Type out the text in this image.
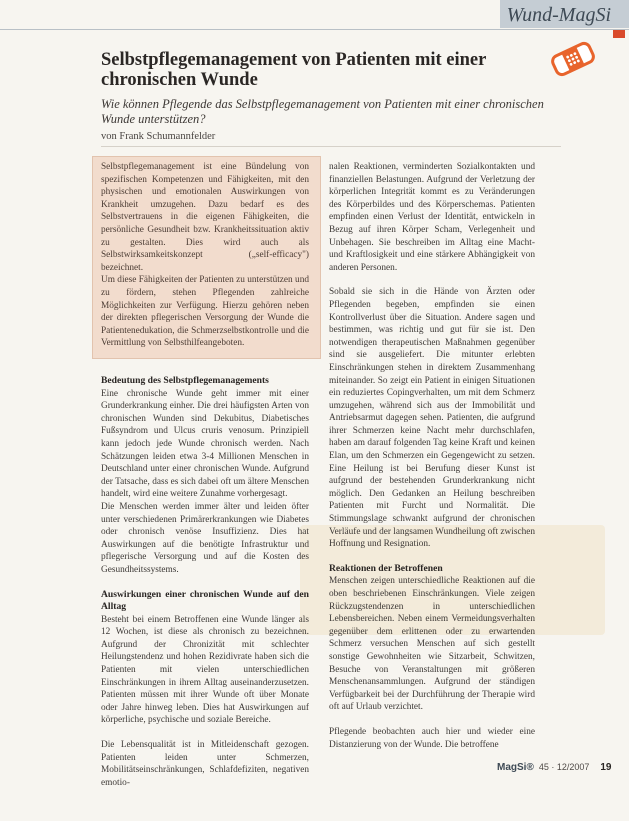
Wund-MagSi
Selbstpflegemanagement von Patienten mit einer chronischen Wunde

Wie können Pflegende das Selbstpflegemanagement von Patienten mit einer chronischen Wunde unterstützen?

von Frank Schumannfelder

Selbstpflegemanagement ist eine Bündelung von spezifischen Kompetenzen und Fähigkeiten, mit den physischen und emotionalen Auswirkungen von Krankheit umzugehen. Dazu bedarf es des Selbstvertrauens in die eigenen Fähigkeiten, die persönliche Gesundheit bzw. Krankheitssituation aktiv zu gestalten. Dies wird auch als Selbstwirksamkeitskonzept („self-efficacy") bezeichnet.

Um diese Fähigkeiten der Patienten zu unterstützen und zu fördern, stehen Pflegenden zahlreiche Möglichkeiten zur Verfügung. Hierzu gehören neben der direkten pflegerischen Versorgung der Wunde die Patientenedukation, die Schmerzselbstkontrolle und die Vermittlung von Selbsthilfeangeboten.

Bedeutung des Selbstpflegemanagements

Eine chronische Wunde geht immer mit einer Grunderkrankung einher. Die drei häufigsten Arten von chronischen Wunden sind Dekubitus, Diabetisches Fußsyndrom und Ulcus cruris venosum. Prinzipiell kann jedoch jede Wunde chronisch werden. Nach Schätzungen leiden etwa 3-4 Millionen Menschen in Deutschland unter einer chronischen Wunde. Aufgrund der Tatsache, dass es sich dabei oft um ältere Menschen handelt, wird eine weitere Zunahme vorhergesagt.

Die Menschen werden immer älter und leiden öfter unter verschiedenen Primärerkrankungen wie Diabetes oder chronisch venöse Insuffizienz. Dies hat Auswirkungen auf die benötigte Infrastruktur und pflegerische Versorgung und auf die Kosten des Gesundheitssystems.

Auswirkungen einer chronischen Wunde auf den Alltag

Besteht bei einem Betroffenen eine Wunde länger als 12 Wochen, ist diese als chronisch zu bezeichnen. Aufgrund der Chronizität mit schlechter Heilungstendenz und hohen Rezidivrate haben sich die Patienten mit vielen unterschiedlichen Einschränkungen in ihrem Alltag auseinanderzusetzen. Patienten müssen mit ihrer Wunde oft über Monate oder Jahre hinweg leben. Dies hat Auswirkungen auf körperliche, psychische und soziale Bereiche.

Die Lebensqualität ist in Mitleidenschaft gezogen. Patienten leiden unter Schmerzen, Mobilitätseinschränkungen, Schlafdefiziten, negativen emotio-

nalen Reaktionen, verminderten Sozialkontakten und finanziellen Belastungen. Aufgrund der Verletzung der körperlichen Integrität kommt es zu Veränderungen des Körperbildes und des Körperschemas. Patienten empfinden einen Verlust der Identität, entwickeln in Bezug auf ihren Körper Scham, Verlegenheit und Unbehagen. Sie beschreiben im Alltag eine Macht- und Kraftlosigkeit und eine stärkere Abhängigkeit von anderen Personen.

Sobald sie sich in die Hände von Ärzten oder Pflegenden begeben, empfinden sie einen Kontrollverlust über die Situation. Andere sagen und bestimmen, was richtig und gut für sie ist. Den notwendigen therapeutischen Maßnahmen gegenüber sind sie ausgeliefert. Die mitunter erlebten Einschränkungen stehen in direktem Zusammenhang miteinander. So zeigt ein Patient in einigen Situationen ein reduziertes Copingverhalten, um mit dem Schmerz umzugehen, während sich aus der Immobilität und Antriebsarmut dagegen sehen. Patienten, die aufgrund ihrer Schmerzen keine Nacht mehr durchschlafen, haben am darauf folgenden Tag keine Kraft und keinen Elan, um den Schmerzen ein Gegengewicht zu setzen. Eine Heilung ist bei Berufung dieser Kunst ist aufgrund der bestehenden Grunderkrankung nicht möglich. Den Gedanken an Heilung beschreiben Patienten mit Furcht und Normalität. Die Stimmungslage schwankt aufgrund der chronischen Verläufe und der langsamen Wundheilung oft zwischen Hoffnung und Resignation.

Reaktionen der Betroffenen

Menschen zeigen unterschiedliche Reaktionen auf die oben beschriebenen Einschränkungen. Viele zeigen Rückzugstendenzen in unterschiedlichen Lebensbereichen. Neben einem Vermeidungsverhalten gegenüber dem erlittenen oder zu erwartenden Schmerz versuchen Menschen auf sich gestellt sonstige Gewohnheiten wie Sitzarbeit, Schwitzen, Besuche von Veranstaltungen mit größeren Menschenansammlungen. Aufgrund der ständigen Verfügbarkeit bei der Durchführung der Therapie wird oft auf Urlaub verzichtet.

Pflegende beobachten auch hier und wieder eine Distanzierung von der Wunde. Die betroffene

MagSi® 45 · 12/2007 19
